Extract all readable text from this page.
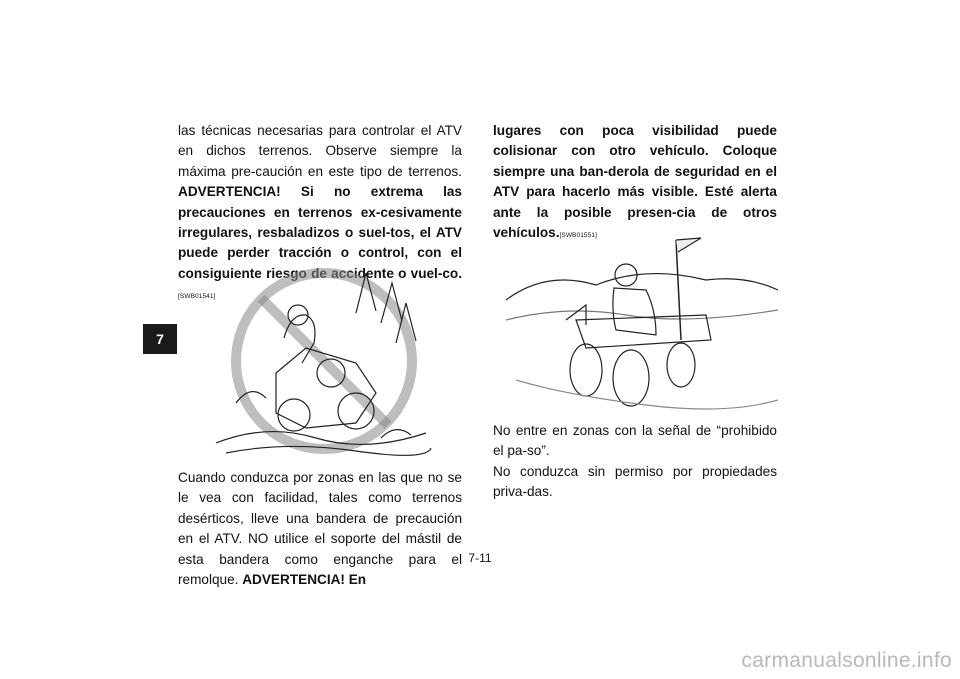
7

las técnicas necesarias para controlar el ATV en dichos terrenos. Observe siempre la máxima pre-caución en este tipo de terrenos. ADVERTENCIA! Si no extrema las precauciones en terrenos ex-cesivamente irregulares, resbaladizos o suel-tos, el ATV puede perder tracción o control, con el consiguiente riesgo de accidente o vuel-co.[SWB01541]

Cuando conduzca por zonas en las que no se le vea con facilidad, tales como terrenos desérticos, lleve una bandera de precaución en el ATV. NO utilice el soporte del mástil de esta bandera como enganche para el remolque. ADVERTENCIA! En

lugares con poca visibilidad puede colisionar con otro vehículo. Coloque siempre una ban-derola de seguridad en el ATV para hacerlo más visible. Esté alerta ante la posible presen-cia de otros vehículos.[SWB01551]

No entre en zonas con la señal de “prohibido el pa-so”.

No conduzca sin permiso por propiedades priva-das.

7-11
carmanualsonline.info
